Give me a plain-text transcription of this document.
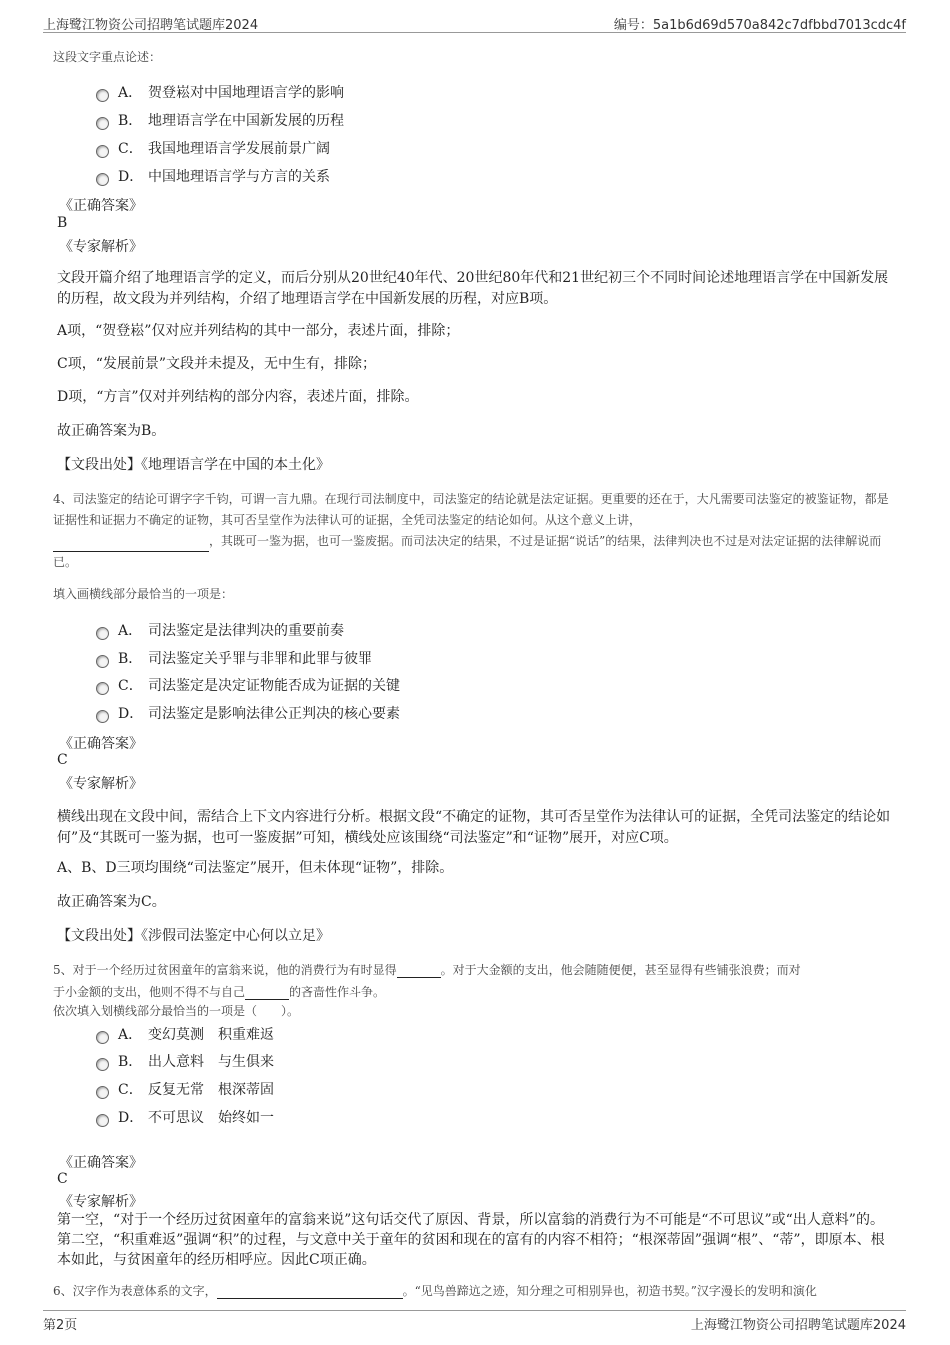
上海鹭江物资公司招聘笔试题库2024	编号：5a1b6d69d570a842c7dfbbd7013cdc4f
这段文字重点论述：
A． 贺登崧对中国地理语言学的影响
B． 地理语言学在中国新发展的历程
C． 我国地理语言学发展前景广阔
D． 中国地理语言学与方言的关系
《正确答案》
B
《专家解析》
文段开篇介绍了地理语言学的定义，而后分别从20世纪40年代、20世纪80年代和21世纪初三个不同时间论述地理语言学在中国新发展的历程，故文段为并列结构，介绍了地理语言学在中国新发展的历程，对应B项。
A项，“贺登崧”仅对应并列结构的其中一部分，表述片面，排除；
C项，“发展前景”文段并未提及，无中生有，排除；
D项，“方言”仅对并列结构的部分内容，表述片面，排除。
故正确答案为B。
【文段出处】《地理语言学在中国的本土化》
4、司法鉴定的结论可谓字字千钧，可谓一言九鼎。在现行司法制度中，司法鉴定的结论就是法定证据。更重要的还在于，大凡需要司法鉴定的被鉴证物，都是证据性和证据力不确定的证物，其可否呈堂作为法律认可的证据，全凭司法鉴定的结论如何。从这个意义上讲，
，其既可一鉴为据，也可一鉴废据。而司法决定的结果，不过是证据“说话”的结果，法律判决也不过是对法定证据的法律解说而已。
填入画横线部分最恰当的一项是：
A． 司法鉴定是法律判决的重要前奏
B． 司法鉴定关乎罪与非罪和此罪与彼罪
C． 司法鉴定是决定证物能否成为证据的关键
D． 司法鉴定是影响法律公正判决的核心要素
《正确答案》
C
《专家解析》
横线出现在文段中间，需结合上下文内容进行分析。根据文段“不确定的证物，其可否呈堂作为法律认可的证据，全凭司法鉴定的结论如何”及“其既可一鉴为据，也可一鉴废据”可知，横线处应该围绕“司法鉴定”和“证物”展开，对应C项。
A、B、D三项均围绕“司法鉴定”展开，但未体现“证物”，排除。
故正确答案为C。
【文段出处】《涉假司法鉴定中心何以立足》
5、对于一个经历过贫困童年的富翁来说，他的消费行为有时显得	。对于大金额的支出，他会随随便便，甚至显得有些铺张浪费；而对
于小金额的支出，他则不得不与自己	的吝啬性作斗争。
依次填入划横线部分最恰当的一项是（　　）。
A． 变幻莫测　积重难返
B． 出人意料　与生俱来
C． 反复无常　根深蒂固
D． 不可思议　始终如一
《正确答案》
C
《专家解析》
第一空，“对于一个经历过贫困童年的富翁来说”这句话交代了原因、背景，所以富翁的消费行为不可能是“不可思议”或“出人意料”的。第二空，“积重难返”强调“积”的过程，与文意中关于童年的贫困和现在的富有的内容不相符；“根深蒂固”强调“根”、“蒂”，即原本、根本如此，与贫困童年的经历相呼应。因此C项正确。
6、汉字作为表意体系的文字，	。“见鸟兽蹄迒之迹，知分理之可相别异也，初造书契。”汉字漫长的发明和演化
第2页	上海鹭江物资公司招聘笔试题库2024
